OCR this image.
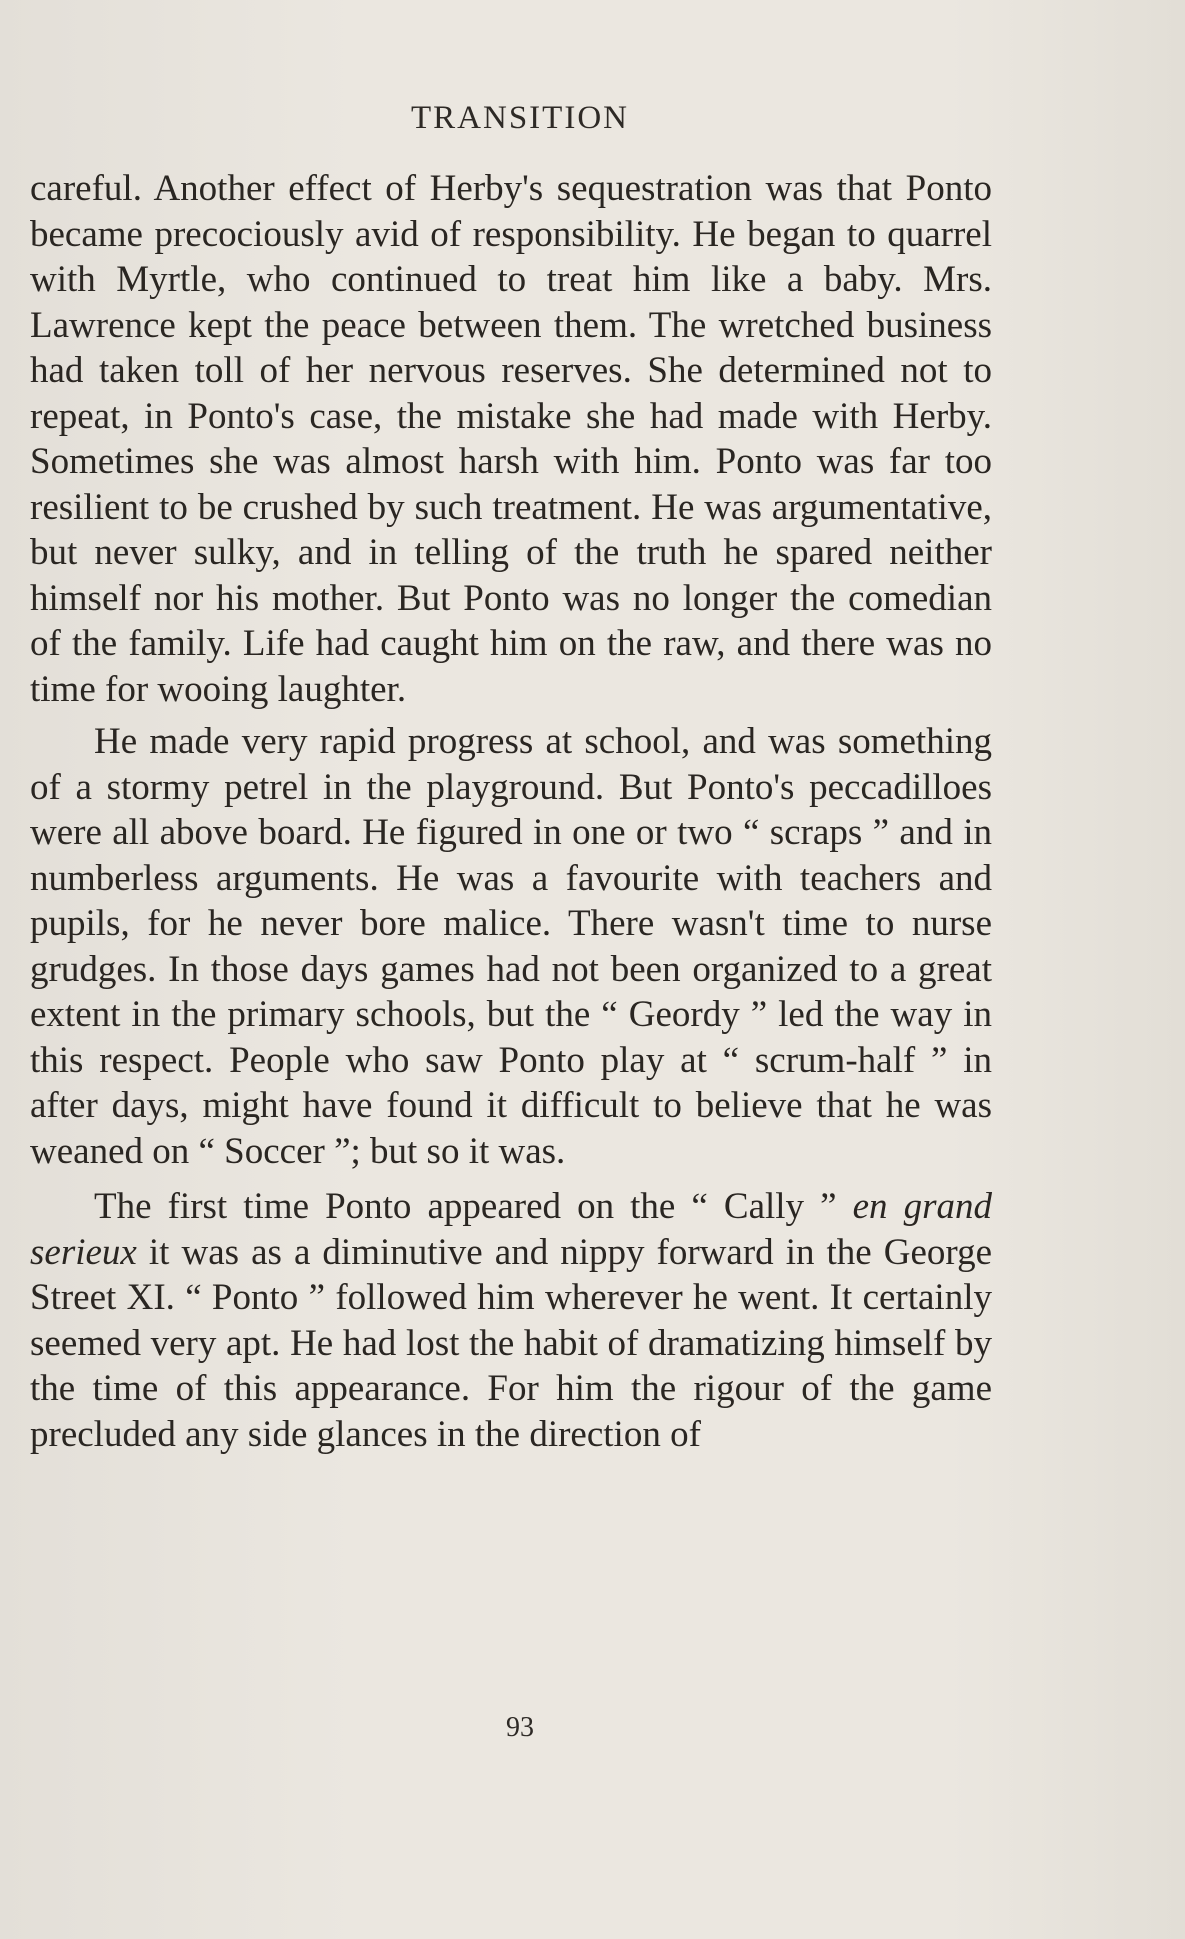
TRANSITION

careful. Another effect of Herby's sequestration was that Ponto became precociously avid of responsibility. He began to quarrel with Myrtle, who continued to treat him like a baby. Mrs. Lawrence kept the peace between them. The wretched business had taken toll of her nervous reserves. She determined not to repeat, in Ponto's case, the mistake she had made with Herby. Sometimes she was almost harsh with him. Ponto was far too resilient to be crushed by such treatment. He was argumentative, but never sulky, and in telling of the truth he spared neither himself nor his mother. But Ponto was no longer the comedian of the family. Life had caught him on the raw, and there was no time for wooing laughter.

He made very rapid progress at school, and was something of a stormy petrel in the playground. But Ponto's peccadilloes were all above board. He figured in one or two “ scraps ” and in numberless arguments. He was a favourite with teachers and pupils, for he never bore malice. There wasn't time to nurse grudges. In those days games had not been organized to a great extent in the primary schools, but the “ Geordy ” led the way in this respect. People who saw Ponto play at “ scrum-half ” in after days, might have found it difficult to believe that he was weaned on “ Soccer ”; but so it was.

The first time Ponto appeared on the “ Cally ” en grand serieux it was as a diminutive and nippy forward in the George Street XI. “ Ponto ” followed him wherever he went. It certainly seemed very apt. He had lost the habit of dramatizing himself by the time of this appearance. For him the rigour of the game precluded any side glances in the direction of

93
